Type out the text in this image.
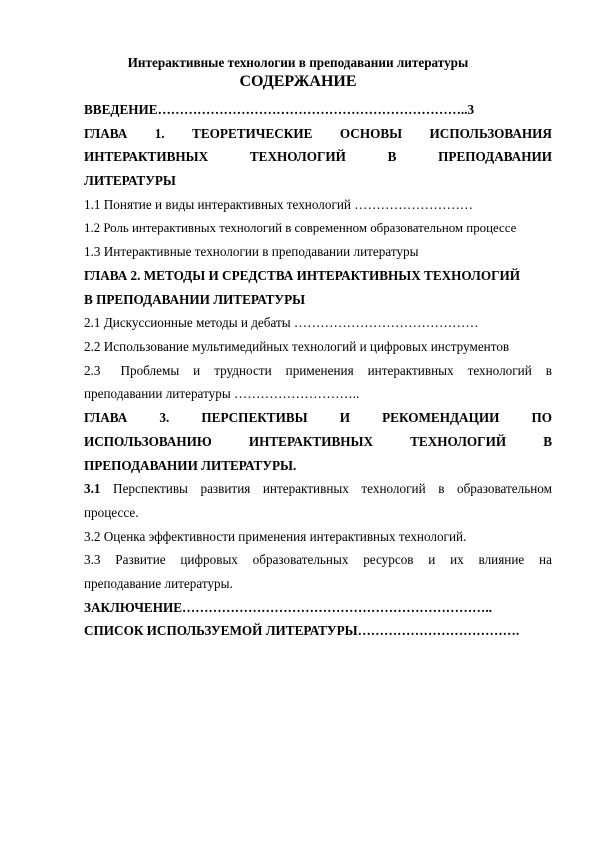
Интерактивные технологии в преподавании литературы
СОДЕРЖАНИЕ

ВВЕДЕНИЕ……………………………………………………………..3

ГЛАВА 1. ТЕОРЕТИЧЕСКИЕ ОСНОВЫ ИСПОЛЬЗОВАНИЯ
ИНТЕРАКТИВНЫХ	ТЕХНОЛОГИЙ	В	ПРЕПОДАВАНИИ

ЛИТЕРАТУРЫ

1.1 Понятие и виды интерактивных технологий ………………………

1.2 Роль интерактивных технологий в современном образовательном процессе

1.3 Интерактивные технологии в преподавании литературы

ГЛАВА 2. МЕТОДЫ И СРЕДСТВА ИНТЕРАКТИВНЫХ ТЕХНОЛОГИЙ

В ПРЕПОДАВАНИИ ЛИТЕРАТУРЫ

2.1 Дискуссионные методы и дебаты ……………………………………

2.2 Использование мультимедийных технологий и цифровых инструментов

2.3 Проблемы и трудности применения интерактивных технологий в

преподавании литературы ………………………..

ГЛАВА 3. ПЕРСПЕКТИВЫ И РЕКОМЕНДАЦИИ ПО
ИСПОЛЬЗОВАНИЮ	ИНТЕРАКТИВНЫХ	ТЕХНОЛОГИЙ	В

ПРЕПОДАВАНИИ ЛИТЕРАТУРЫ.

3.1 Перспективы развития интерактивных технологий в образовательном

процессе.

3.2 Оценка эффективности применения интерактивных технологий.

3.3 Развитие цифровых образовательных ресурсов и их влияние на

преподавание литературы.

ЗАКЛЮЧЕНИЕ……………………………………………………………..

СПИСОК ИСПОЛЬЗУЕМОЙ ЛИТЕРАТУРЫ……………………………….
